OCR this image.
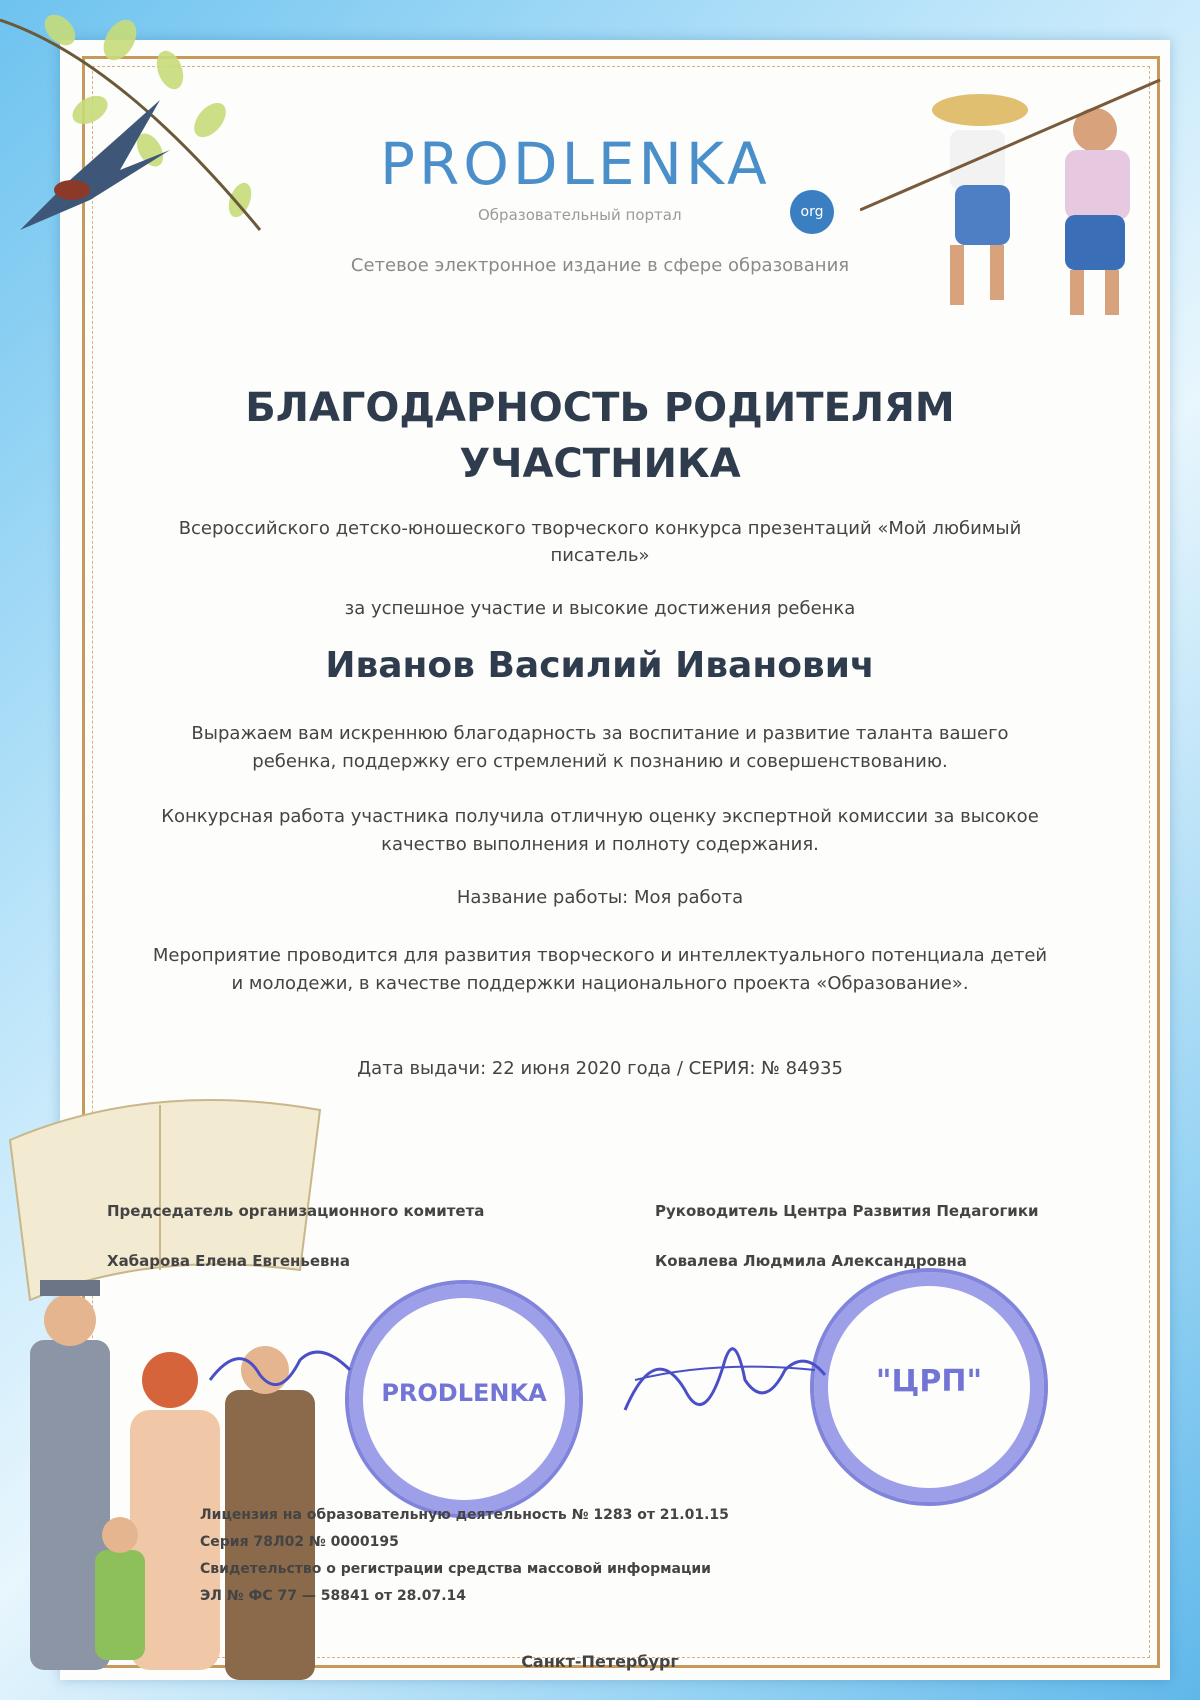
PRODLENKA
org
Образовательный портал
Сетевое электронное издание в сфере образования
БЛАГОДАРНОСТЬ РОДИТЕЛЯМ
УЧАСТНИКА
Всероссийского детско-юношеского творческого конкурса презентаций «Мой любимый писатель»
за успешное участие и высокие достижения ребенка
Иванов Василий Иванович
Выражаем вам искреннюю благодарность за воспитание и развитие таланта вашего ребенка, поддержку его стремлений к познанию и совершенствованию.
Конкурсная работа участника получила отличную оценку экспертной комиссии за высокое качество выполнения и полноту содержания.
Название работы: Моя работа
Мероприятие проводится для развития творческого и интеллектуального потенциала детей и молодежи, в качестве поддержки национального проекта «Образование».
Дата выдачи: 22 июня 2020 года / СЕРИЯ: № 84935
Председатель организационного комитета
Хабарова Елена Евгеньевна
Руководитель Центра Развития Педагогики
Ковалева Людмила Александровна
PRODLENKA	"ЦРП"
Лицензия на образовательную деятельность № 1283 от 21.01.15
Серия 78Л02 № 0000195
Свидетельство о регистрации средства массовой информации
ЭЛ № ФС 77 — 58841 от 28.07.14
Санкт-Петербург
